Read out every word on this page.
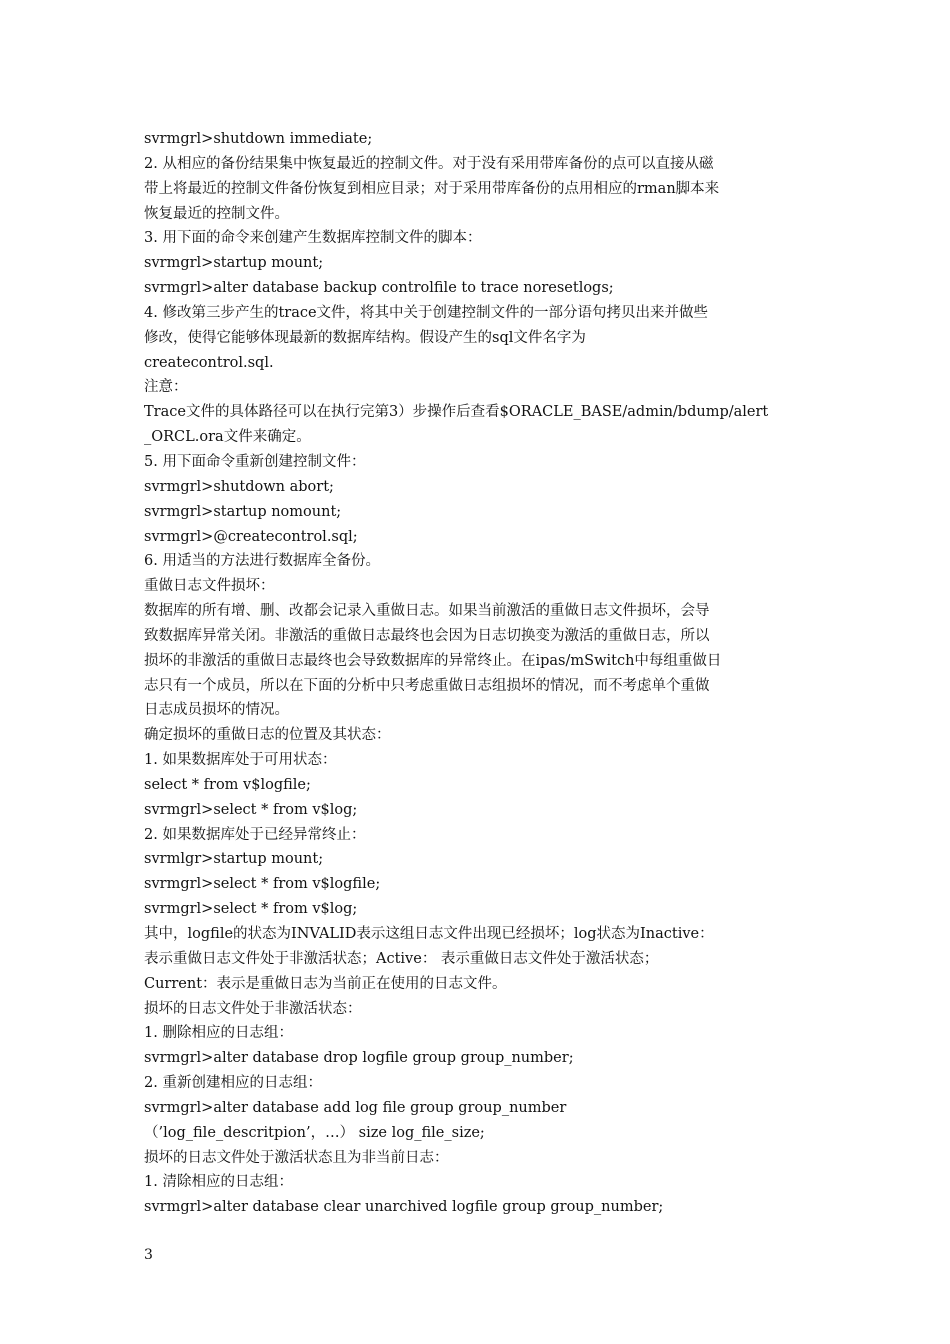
svrmgrl>shutdown immediate;
2. 从相应的备份结果集中恢复最近的控制文件。对于没有采用带库备份的点可以直接从磁
带上将最近的控制文件备份恢复到相应目录；对于采用带库备份的点用相应的rman脚本来
恢复最近的控制文件。
3. 用下面的命令来创建产生数据库控制文件的脚本：
svrmgrl>startup mount;
svrmgrl>alter database backup controlfile to trace noresetlogs;
4. 修改第三步产生的trace文件，将其中关于创建控制文件的一部分语句拷贝出来并做些
修改，使得它能够体现最新的数据库结构。假设产生的sql文件名字为
createcontrol.sql.
注意：
Trace文件的具体路径可以在执行完第3）步操作后查看$ORACLE_BASE/admin/bdump/alert
_ORCL.ora文件来确定。
5. 用下面命令重新创建控制文件：
svrmgrl>shutdown abort;
svrmgrl>startup nomount;
svrmgrl>@createcontrol.sql;
6. 用适当的方法进行数据库全备份。
重做日志文件损坏：
数据库的所有增、删、改都会记录入重做日志。如果当前激活的重做日志文件损坏，会导
致数据库异常关闭。非激活的重做日志最终也会因为日志切换变为激活的重做日志，所以
损坏的非激活的重做日志最终也会导致数据库的异常终止。在ipas/mSwitch中每组重做日
志只有一个成员，所以在下面的分析中只考虑重做日志组损坏的情况，而不考虑单个重做
日志成员损坏的情况。
确定损坏的重做日志的位置及其状态：
1. 如果数据库处于可用状态：
select * from v$logfile;
svrmgrl>select * from v$log;
2. 如果数据库处于已经异常终止：
svrmlgr>startup mount;
svrmgrl>select * from v$logfile;
svrmgrl>select * from v$log;
其中，logfile的状态为INVALID表示这组日志文件出现已经损坏；log状态为Inactive：
表示重做日志文件处于非激活状态；Active： 表示重做日志文件处于激活状态；
Current：表示是重做日志为当前正在使用的日志文件。
损坏的日志文件处于非激活状态：
1. 删除相应的日志组：
svrmgrl>alter database drop logfile group group_number;
2. 重新创建相应的日志组：
svrmgrl>alter database add log file group group_number
（’log_file_descritpion’，…） size log_file_size;
损坏的日志文件处于激活状态且为非当前日志：
1. 清除相应的日志组：
svrmgrl>alter database clear unarchived logfile group group_number;
3
